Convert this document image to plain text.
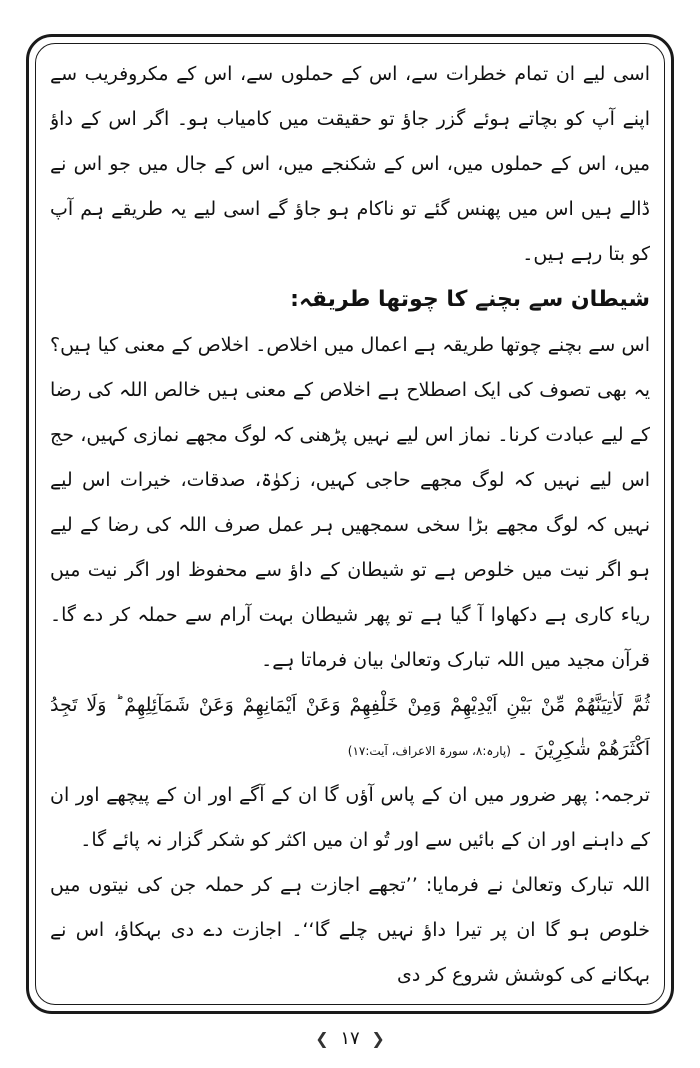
اسی لیے ان تمام خطرات سے، اس کے حملوں سے، اس کے مکروفریب سے اپنے آپ کو بچاتے ہوئے گزر جاؤ تو حقیقت میں کامیاب ہو۔ اگر اس کے داؤ میں، اس کے حملوں میں، اس کے شکنجے میں، اس کے جال میں جو اس نے ڈالے ہیں اس میں پھنس گئے تو ناکام ہو جاؤ گے اسی لیے یہ طریقے ہم آپ کو بتا رہے ہیں۔

شیطان سے بچنے کا چوتھا طریقہ:

اس سے بچنے چوتھا طریقہ ہے اعمال میں اخلاص۔ اخلاص کے معنی کیا ہیں؟ یہ بھی تصوف کی ایک اصطلاح ہے اخلاص کے معنی ہیں خالص اللہ کی رضا کے لیے عبادت کرنا۔ نماز اس لیے نہیں پڑھنی کہ لوگ مجھے نمازی کہیں، حج اس لیے نہیں کہ لوگ مجھے حاجی کہیں، زکوٰۃ، صدقات، خیرات اس لیے نہیں کہ لوگ مجھے بڑا سخی سمجھیں ہر عمل صرف اللہ کی رضا کے لیے ہو اگر نیت میں خلوص ہے تو شیطان کے داؤ سے محفوظ اور اگر نیت میں ریاء کاری ہے دکھاوا آ گیا ہے تو پھر شیطان بہت آرام سے حملہ کر دے گا۔ قرآن مجید میں اللہ تبارک وتعالیٰ بیان فرماتا ہے۔

ثُمَّ لَاٰتِيَنَّهُمْ مِّنْ بَيْنِ اَيْدِيْهِمْ وَمِنْ خَلْفِهِمْ وَعَنْ اَيْمَانِهِمْ وَعَنْ شَمَآئِلِهِمْ ؕ وَلَا تَجِدُ اَكْثَرَهُمْ شٰكِرِيْنَ ۔ (پارہ:۸، سورۃ الاعراف، آیت:۱۷)

ترجمہ: پھر ضرور میں ان کے پاس آؤں گا ان کے آگے اور ان کے پیچھے اور ان کے داہنے اور ان کے بائیں سے اور تُو ان میں اکثر کو شکر گزار نہ پائے گا۔

اللہ تبارک وتعالیٰ نے فرمایا: ’’تجھے اجازت ہے کر حملہ جن کی نیتوں میں خلوص ہو گا ان پر تیرا داؤ نہیں چلے گا‘‘۔ اجازت دے دی بہکاؤ، اس نے بہکانے کی کوشش شروع کر دی

❮ ۱۷ ❯
